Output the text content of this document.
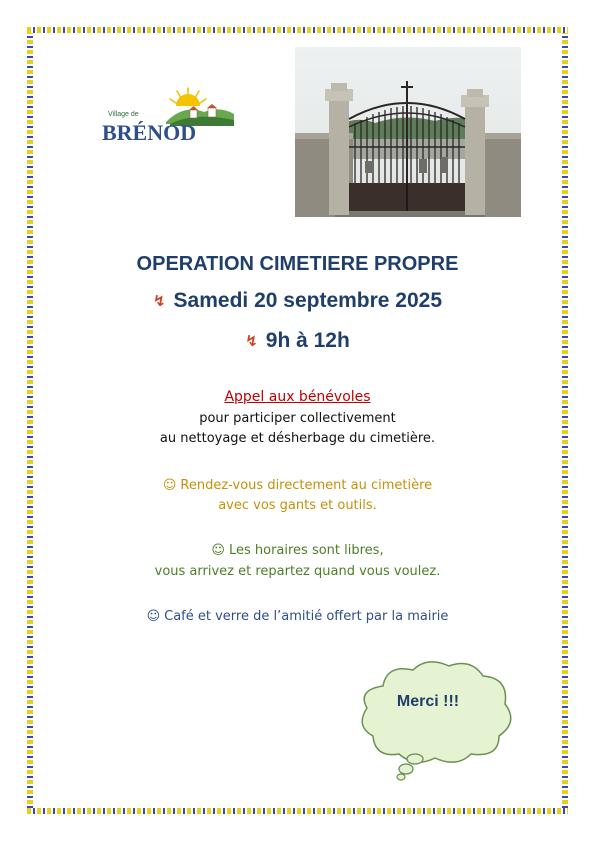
Village de
BRÉNOD
OPERATION CIMETIERE PROPRE
↯ Samedi 20 septembre 2025
↯ 9h à 12h
Appel aux bénévoles
pour participer collectivement
au nettoyage et désherbage du cimetière.
☺ Rendez-vous directement au cimetière
avec vos gants et outils.
☺ Les horaires sont libres,
vous arrivez et repartez quand vous voulez.
☺ Café et verre de l’amitié offert par la mairie
Merci !!!
